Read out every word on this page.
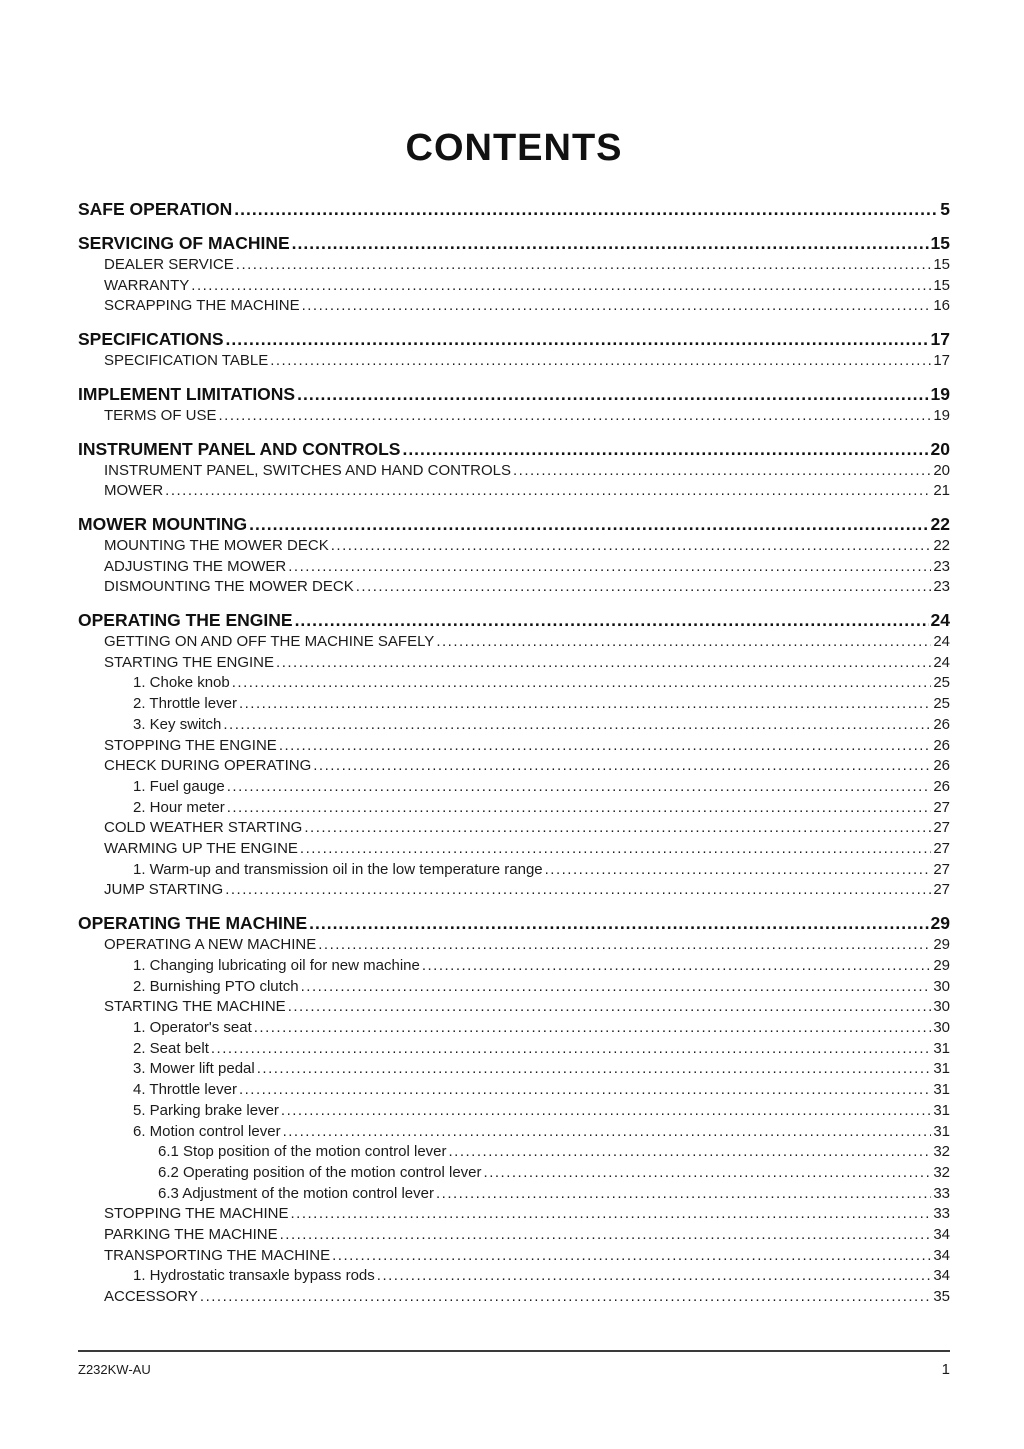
CONTENTS
SAFE OPERATION .....	5
SERVICING OF MACHINE .....	15
DEALER SERVICE .....	15
WARRANTY .....	15
SCRAPPING THE MACHINE .....	16
SPECIFICATIONS .....	17
SPECIFICATION TABLE .....	17
IMPLEMENT LIMITATIONS .....	19
TERMS OF USE .....	19
INSTRUMENT PANEL AND CONTROLS .....	20
INSTRUMENT PANEL, SWITCHES AND HAND CONTROLS .....	20
MOWER .....	21
MOWER MOUNTING .....	22
MOUNTING THE MOWER DECK .....	22
ADJUSTING THE MOWER .....	23
DISMOUNTING THE MOWER DECK .....	23
OPERATING THE ENGINE .....	24
GETTING ON AND OFF THE MACHINE SAFELY .....	24
STARTING THE ENGINE .....	24
1. Choke knob .....	25
2. Throttle lever .....	25
3. Key switch .....	26
STOPPING THE ENGINE .....	26
CHECK DURING OPERATING .....	26
1. Fuel gauge .....	26
2. Hour meter .....	27
COLD WEATHER STARTING .....	27
WARMING UP THE ENGINE .....	27
1. Warm-up and transmission oil in the low temperature range .....	27
JUMP STARTING .....	27
OPERATING THE MACHINE .....	29
OPERATING A NEW MACHINE .....	29
1. Changing lubricating oil for new machine .....	29
2. Burnishing PTO clutch .....	30
STARTING THE MACHINE .....	30
1. Operator's seat .....	30
2. Seat belt .....	31
3. Mower lift pedal .....	31
4. Throttle lever .....	31
5. Parking brake lever .....	31
6. Motion control lever .....	31
6.1 Stop position of the motion control lever .....	32
6.2 Operating position of the motion control lever .....	32
6.3 Adjustment of the motion control lever .....	33
STOPPING THE MACHINE .....	33
PARKING THE MACHINE .....	34
TRANSPORTING THE MACHINE .....	34
1. Hydrostatic transaxle bypass rods .....	34
ACCESSORY .....	35
Z232KW-AU	1
